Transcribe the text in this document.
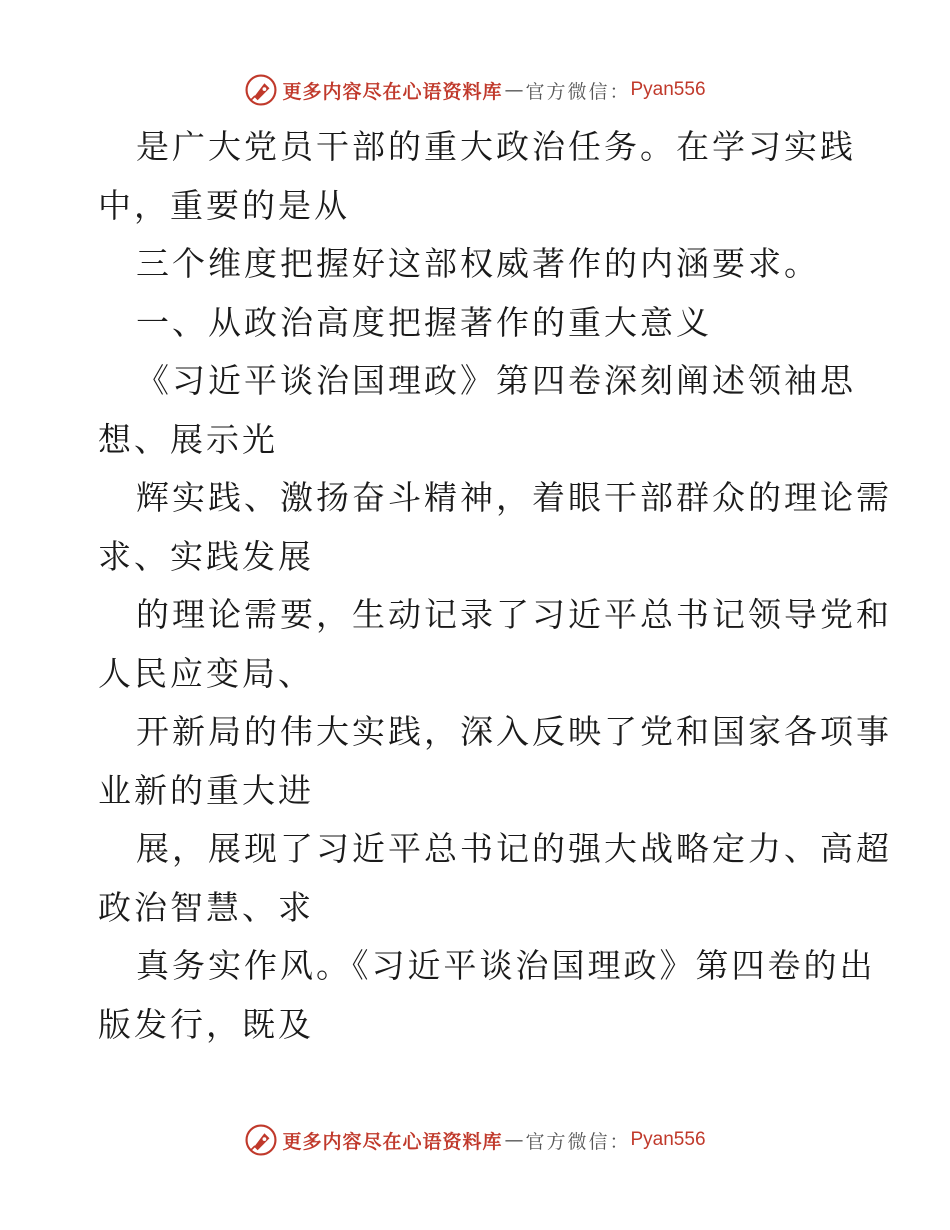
更多内容尽在心语资料库 — 官方微信： Pyan556
是广大党员干部的重大政治任务。在学习实践
中，重要的是从
三个维度把握好这部权威著作的内涵要求。
一、从政治高度把握著作的重大意义
《习近平谈治国理政》第四卷深刻阐述领袖思
想、展示光
辉实践、激扬奋斗精神，着眼干部群众的理论需
求、实践发展
的理论需要，生动记录了习近平总书记领导党和
人民应变局、
开新局的伟大实践，深入反映了党和国家各项事
业新的重大进
展，展现了习近平总书记的强大战略定力、高超
政治智慧、求
真务实作风。《习近平谈治国理政》第四卷的出
版发行，既及
更多内容尽在心语资料库 — 官方微信： Pyan556
